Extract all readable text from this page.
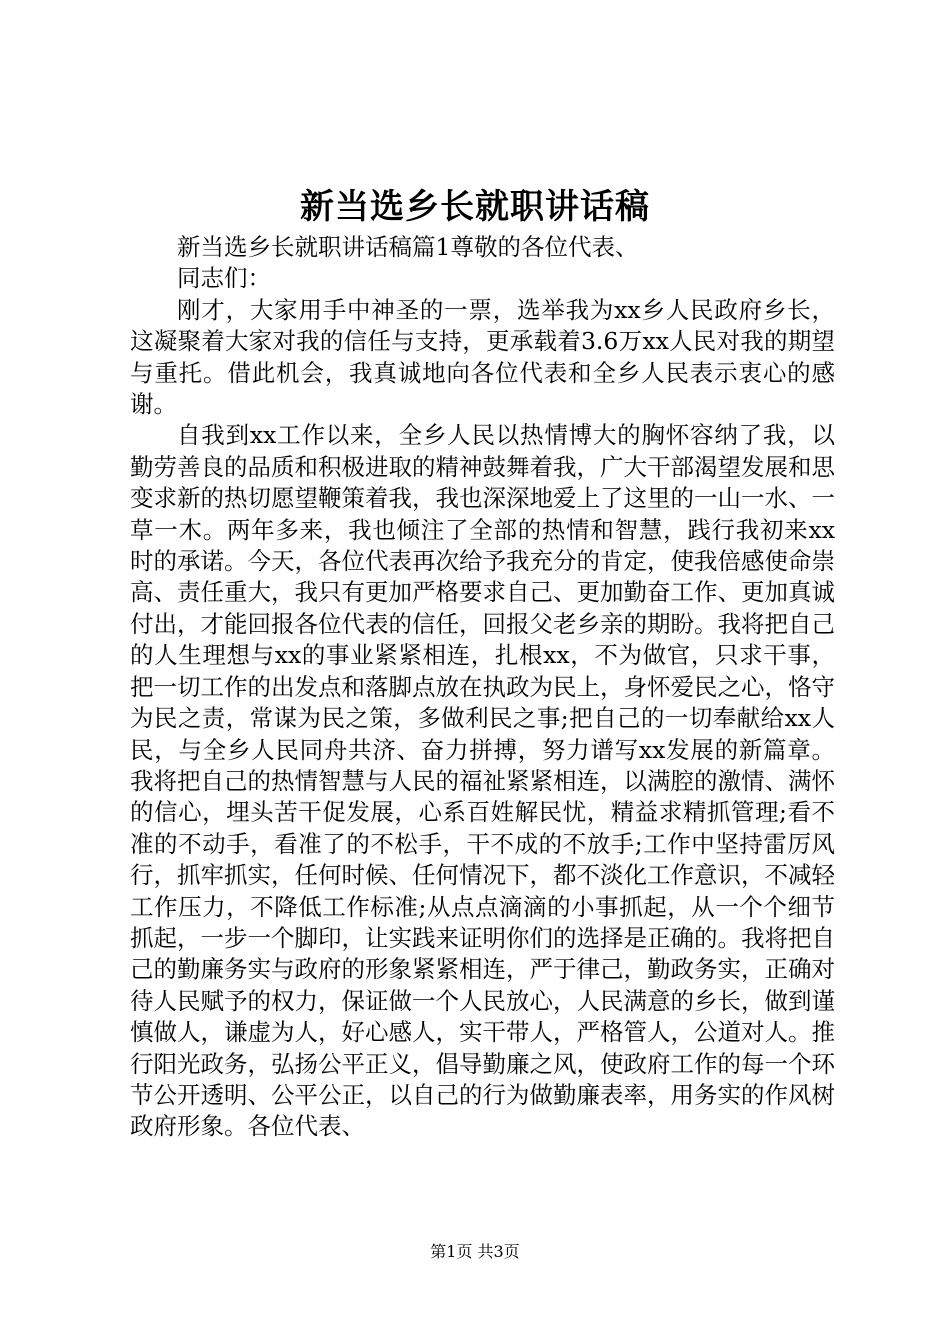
新当选乡长就职讲话稿

新当选乡长就职讲话稿篇1尊敬的各位代表、

同志们：

刚才，大家用手中神圣的一票，选举我为xx乡人民政府乡长，这凝聚着大家对我的信任与支持，更承载着3.6万xx人民对我的期望与重托。借此机会，我真诚地向各位代表和全乡人民表示衷心的感谢。

自我到xx工作以来，全乡人民以热情博大的胸怀容纳了我，以勤劳善良的品质和积极进取的精神鼓舞着我，广大干部渴望发展和思变求新的热切愿望鞭策着我，我也深深地爱上了这里的一山一水、一草一木。两年多来，我也倾注了全部的热情和智慧，践行我初来xx时的承诺。今天，各位代表再次给予我充分的肯定，使我倍感使命崇高、责任重大，我只有更加严格要求自己、更加勤奋工作、更加真诚付出，才能回报各位代表的信任，回报父老乡亲的期盼。我将把自己的人生理想与xx的事业紧紧相连，扎根xx，不为做官，只求干事，把一切工作的出发点和落脚点放在执政为民上，身怀爱民之心，恪守为民之责，常谋为民之策，多做利民之事;把自己的一切奉献给xx人民，与全乡人民同舟共济、奋力拼搏，努力谱写xx发展的新篇章。我将把自己的热情智慧与人民的福祉紧紧相连，以满腔的激情、满怀的信心，埋头苦干促发展，心系百姓解民忧，精益求精抓管理;看不准的不动手，看准了的不松手，干不成的不放手;工作中坚持雷厉风行，抓牢抓实，任何时候、任何情况下，都不淡化工作意识，不减轻工作压力，不降低工作标准;从点点滴滴的小事抓起，从一个个细节抓起，一步一个脚印，让实践来证明你们的选择是正确的。我将把自己的勤廉务实与政府的形象紧紧相连，严于律己，勤政务实，正确对待人民赋予的权力，保证做一个人民放心，人民满意的乡长，做到谨慎做人，谦虚为人，好心感人，实干带人，严格管人，公道对人。推行阳光政务，弘扬公平正义，倡导勤廉之风，使政府工作的每一个环节公开透明、公平公正，以自己的行为做勤廉表率，用务实的作风树政府形象。各位代表、

第1页 共3页
